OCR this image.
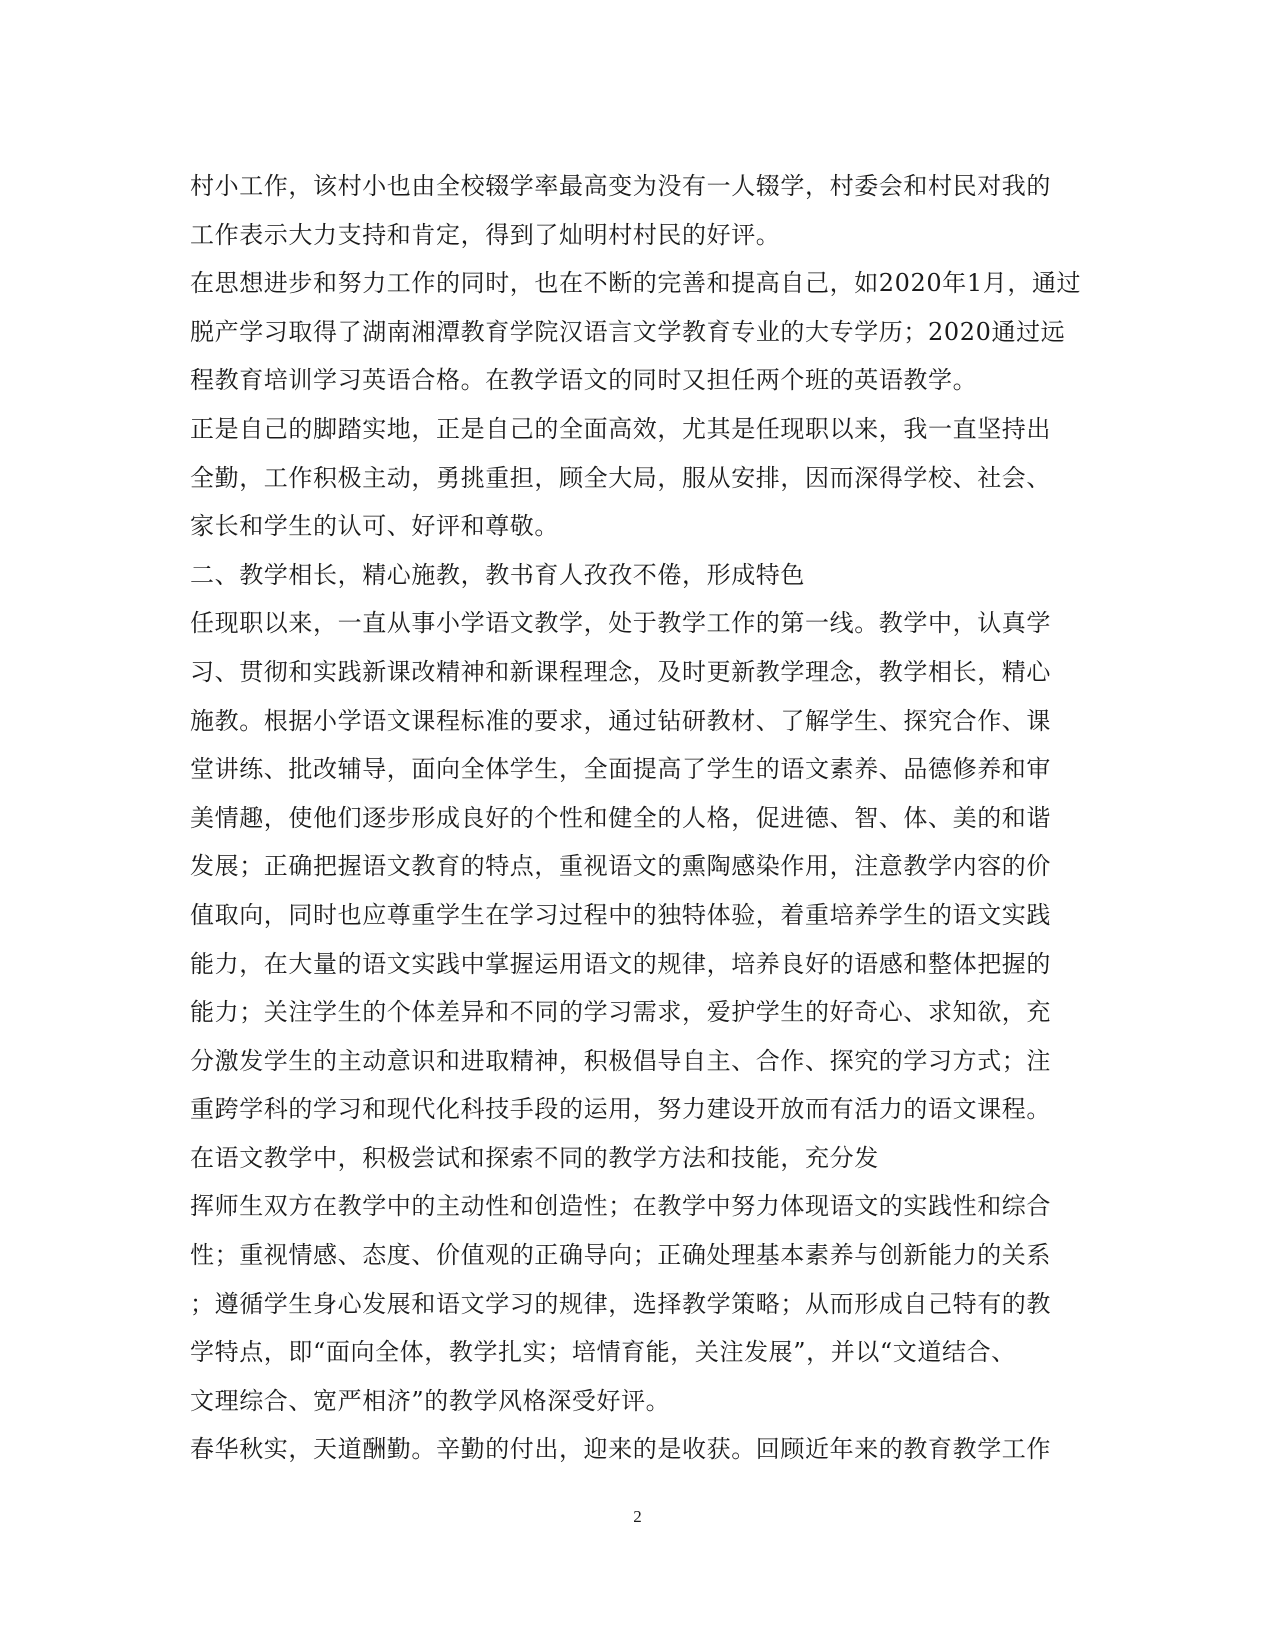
村小工作，该村小也由全校辍学率最高变为没有一人辍学，村委会和村民对我的
工作表示大力支持和肯定，得到了灿明村村民的好评。
在思想进步和努力工作的同时，也在不断的完善和提高自己，如2020年1月，通过
脱产学习取得了湖南湘潭教育学院汉语言文学教育专业的大专学历；2020通过远
程教育培训学习英语合格。在教学语文的同时又担任两个班的英语教学。
正是自己的脚踏实地，正是自己的全面高效，尤其是任现职以来，我一直坚持出
全勤，工作积极主动，勇挑重担，顾全大局，服从安排，因而深得学校、社会、
家长和学生的认可、好评和尊敬。
二、教学相长，精心施教，教书育人孜孜不倦，形成特色
任现职以来，一直从事小学语文教学，处于教学工作的第一线。教学中，认真学
习、贯彻和实践新课改精神和新课程理念，及时更新教学理念，教学相长，精心
施教。根据小学语文课程标准的要求，通过钻研教材、了解学生、探究合作、课
堂讲练、批改辅导，面向全体学生，全面提高了学生的语文素养、品德修养和审
美情趣，使他们逐步形成良好的个性和健全的人格，促进德、智、体、美的和谐
发展；正确把握语文教育的特点，重视语文的熏陶感染作用，注意教学内容的价
值取向，同时也应尊重学生在学习过程中的独特体验，着重培养学生的语文实践
能力，在大量的语文实践中掌握运用语文的规律，培养良好的语感和整体把握的
能力；关注学生的个体差异和不同的学习需求，爱护学生的好奇心、求知欲，充
分激发学生的主动意识和进取精神，积极倡导自主、合作、探究的学习方式；注
重跨学科的学习和现代化科技手段的运用，努力建设开放而有活力的语文课程。
在语文教学中，积极尝试和探索不同的教学方法和技能，充分发
挥师生双方在教学中的主动性和创造性；在教学中努力体现语文的实践性和综合
性；重视情感、态度、价值观的正确导向；正确处理基本素养与创新能力的关系
；遵循学生身心发展和语文学习的规律，选择教学策略；从而形成自己特有的教
学特点，即“面向全体，教学扎实；培情育能，关注发展”，并以“文道结合、
文理综合、宽严相济”的教学风格深受好评。
春华秋实，天道酬勤。辛勤的付出，迎来的是收获。回顾近年来的教育教学工作
2
